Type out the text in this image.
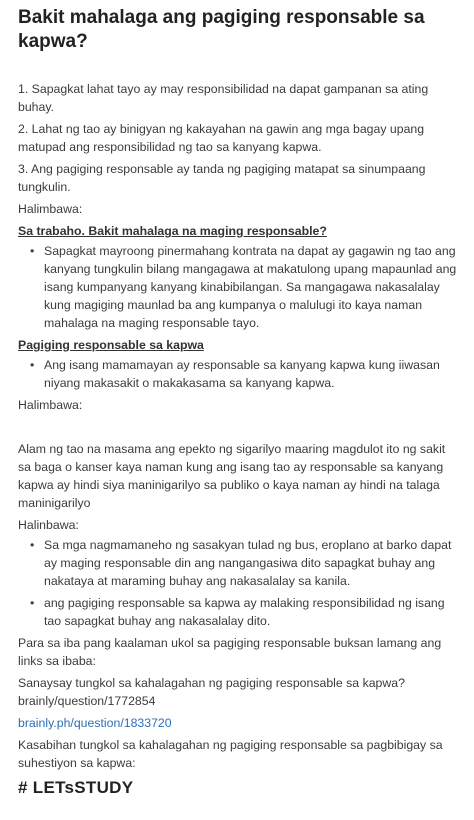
Bakit mahalaga ang pagiging responsable sa kapwa?

1. Sapagkat lahat tayo ay may responsibilidad na dapat gampanan sa ating buhay.

2. Lahat ng tao ay binigyan ng kakayahan na gawin ang mga bagay upang matupad ang responsibilidad ng tao sa kanyang kapwa.

3. Ang pagiging responsable ay tanda ng pagiging matapat sa sinumpaang tungkulin.

Halimbawa:

Sa trabaho. Bakit mahalaga na maging responsable?

• Sapagkat mayroong pinermahang kontrata na dapat ay gagawin ng tao ang kanyang tungkulin bilang mangagawa at makatulong upang mapaunlad ang isang kumpanyang kanyang kinabibilangan. Sa mangagawa nakasalalay kung magiging maunlad ba ang kumpanya o malulugi ito kaya naman mahalaga na maging responsable tayo.

Pagiging responsable sa kapwa

• Ang isang mamamayan ay responsable sa kanyang kapwa kung iiwasan niyang makasakit o makakasama sa kanyang kapwa.

Halimbawa:

Alam ng tao na masama ang epekto ng sigarilyo maaring magdulot ito ng sakit sa baga o kanser kaya naman kung ang isang tao ay responsable sa kanyang kapwa ay hindi siya maninigarilyo sa publiko o kaya naman ay hindi na talaga maninigarilyo

Halinbawa:

• Sa mga nagmamaneho ng sasakyan tulad ng bus, eroplano at barko dapat ay maging responsable din ang nangangasiwa dito sapagkat buhay ang nakataya at maraming buhay ang nakasalalay sa kanila.
• ang pagiging responsable sa kapwa ay malaking responsibilidad ng isang tao sapagkat buhay ang nakasalalay dito.

Para sa iba pang kaalaman ukol sa pagiging responsable buksan lamang ang links sa ibaba:

Sanaysay tungkol sa kahalagahan ng pagiging responsable sa kapwa?

brainly/question/1772854

brainly.ph/question/1833720

Kasabihan tungkol sa kahalagahan ng pagiging responsable sa pagbibigay sa suhestiyon sa kapwa:

# LETsSTUDY
